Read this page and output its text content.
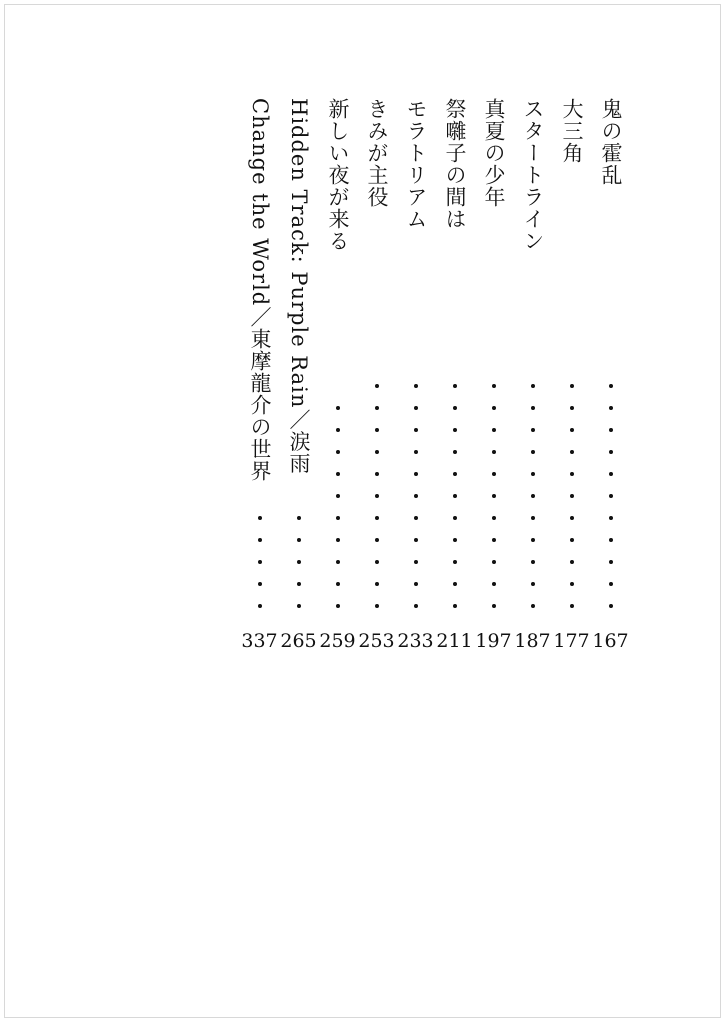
鬼の霍乱
167
大三角
177
スタートライン
187
真夏の少年
197
祭囃子の間は
211
モラトリアム
233
きみが主役
253
新しい夜が来る
259
Hidden Track: Purple Rain／涙雨
265
Change the World／東摩龍介の世界
337
